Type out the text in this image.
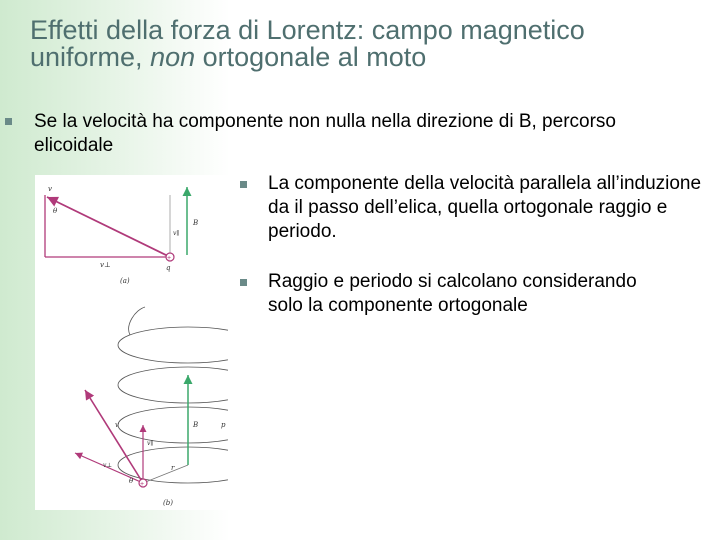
Effetti della forza di Lorentz: campo magnetico uniforme, non ortogonale al moto
Se la velocità ha componente non nulla nella direzione di B, percorso elicoidale
La componente della velocità parallela all’induzione da il passo dell’elica, quella ortogonale raggio e periodo.
Raggio e periodo si calcolano considerando solo la componente ortogonale
+
v
θ
B
v⊥
v∥
q
(a)
+
v
v∥
v⊥
θ
B
r
p
(b)
